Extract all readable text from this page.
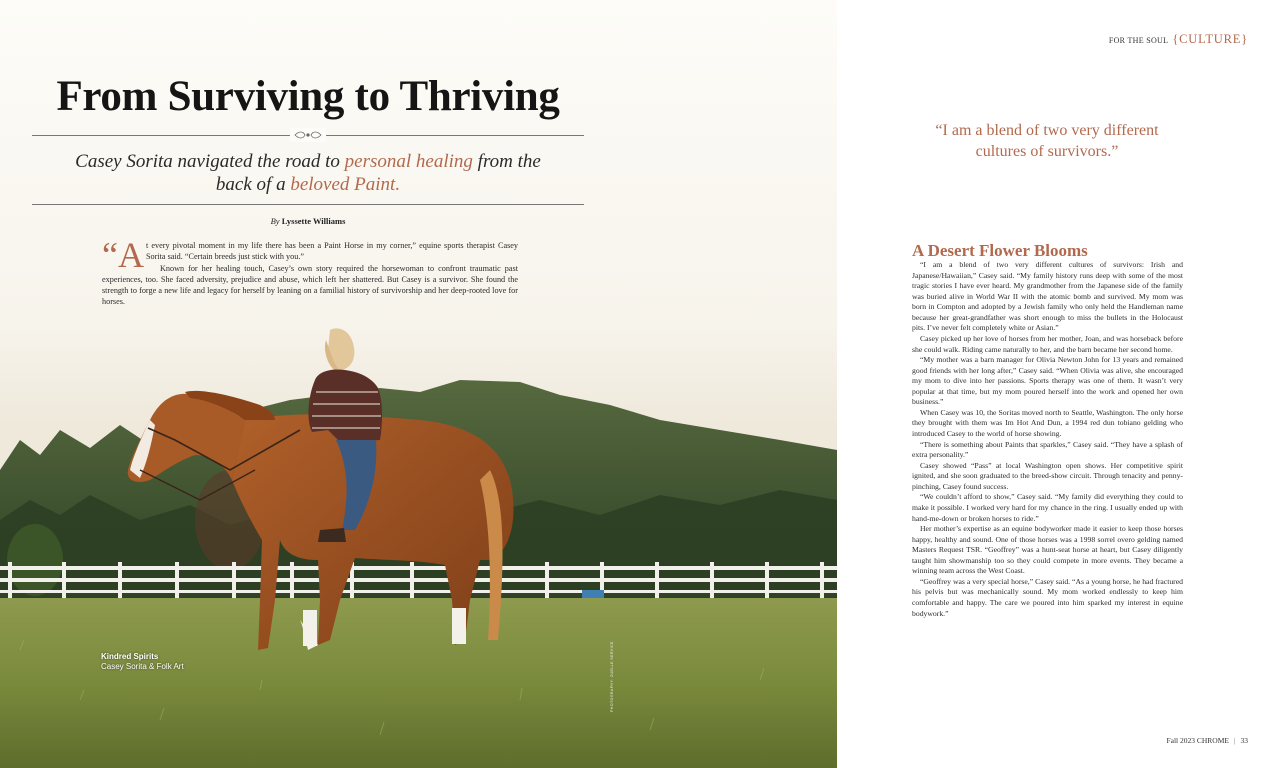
From Surviving to Thriving

Casey Sorita navigated the road to personal healing from the back of a beloved Paint.

By Lyssette Williams

“At every pivotal moment in my life there has been a Paint Horse in my corner,” equine sports therapist Casey Sorita said. “Certain breeds just stick with you.”

Known for her healing touch, Casey’s own story required the horsewoman to confront traumatic past experiences, too. She faced adversity, prejudice and abuse, which left her shattered. But Casey is a survivor. She found the strength to forge a new life and legacy for herself by leaning on a familial history of survivorship and her deep-rooted love for horses.

Kindred Spirits
Casey Sorita & Folk Art	PHOTOGRAPHY: ZUELLE SERVICE
FOR THE SOUL {CULTURE}
“I am a blend of two very different cultures of survivors.”
A Desert Flower Blooms

“I am a blend of two very different cultures of survivors: Irish and Japanese/Hawaiian,” Casey said. “My family history runs deep with some of the most tragic stories I have ever heard. My grandmother from the Japanese side of the family was buried alive in World War II with the atomic bomb and survived. My mom was born in Compton and adopted by a Jewish family who only held the Handleman name because her great-grandfather was short enough to miss the bullets in the Holocaust pits. I’ve never felt completely white or Asian.”

Casey picked up her love of horses from her mother, Joan, and was horseback before she could walk. Riding came naturally to her, and the barn became her second home.

“My mother was a barn manager for Olivia Newton John for 13 years and remained good friends with her long after,” Casey said. “When Olivia was alive, she encouraged my mom to dive into her passions. Sports therapy was one of them. It wasn’t very popular at that time, but my mom poured herself into the work and opened her own business.”

When Casey was 10, the Soritas moved north to Seattle, Washington. The only horse they brought with them was Im Hot And Dun, a 1994 red dun tobiano gelding who introduced Casey to the world of horse showing.

“There is something about Paints that sparkles,” Casey said. “They have a splash of extra personality.”

Casey showed “Pass” at local Washington open shows. Her competitive spirit ignited, and she soon graduated to the breed-show circuit. Through tenacity and penny-pinching, Casey found success.

“We couldn’t afford to show,” Casey said. “My family did everything they could to make it possible. I worked very hard for my chance in the ring. I usually ended up with hand-me-down or broken horses to ride.”

Her mother’s expertise as an equine bodyworker made it easier to keep those horses happy, healthy and sound. One of those horses was a 1998 sorrel overo gelding named Masters Request TSR. “Geoffrey” was a hunt-seat horse at heart, but Casey diligently taught him showmanship too so they could compete in more events. They became a winning team across the West Coast.

“Geoffrey was a very special horse,” Casey said. “As a young horse, he had fractured his pelvis but was mechanically sound. My mom worked endlessly to keep him comfortable and happy. The care we poured into him sparked my interest in equine bodywork.”

Fall 2023 CHROME | 33
